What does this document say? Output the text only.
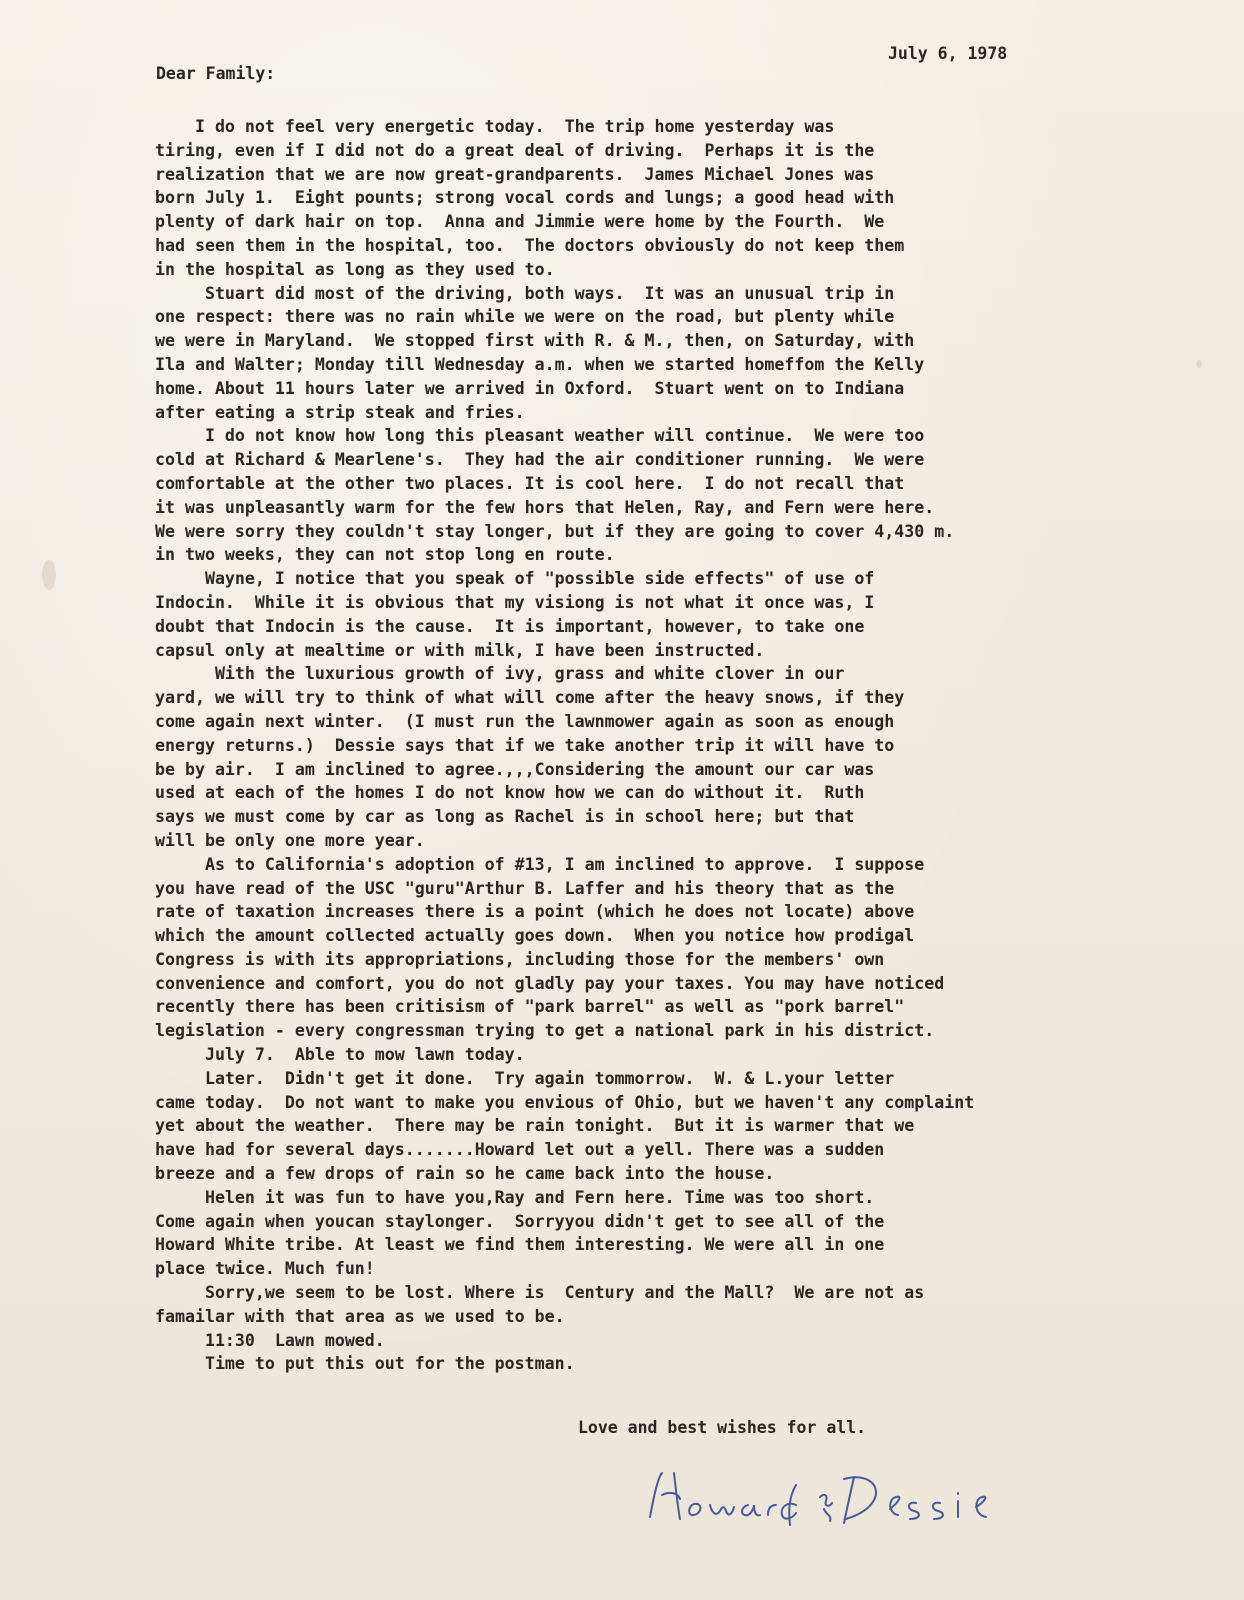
July 6, 1978
Dear Family:
I do not feel very energetic today.  The trip home yesterday was
tiring, even if I did not do a great deal of driving.  Perhaps it is the
realization that we are now great-grandparents.  James Michael Jones was
born July 1.  Eight pounts; strong vocal cords and lungs; a good head with
plenty of dark hair on top.  Anna and Jimmie were home by the Fourth.  We
had seen them in the hospital, too.  The doctors obviously do not keep them
in the hospital as long as they used to.
Stuart did most of the driving, both ways.  It was an unusual trip in
one respect: there was no rain while we were on the road, but plenty while
we were in Maryland.  We stopped first with R. & M., then, on Saturday, with
Ila and Walter; Monday till Wednesday a.m. when we started homeffom the Kelly
home. About 11 hours later we arrived in Oxford.  Stuart went on to Indiana
after eating a strip steak and fries.
I do not know how long this pleasant weather will continue.  We were too
cold at Richard & Mearlene's.  They had the air conditioner running.  We were
comfortable at the other two places. It is cool here.  I do not recall that
it was unpleasantly warm for the few hors that Helen, Ray, and Fern were here.
We were sorry they couldn't stay longer, but if they are going to cover 4,430 m.
in two weeks, they can not stop long en route.
Wayne, I notice that you speak of "possible side effects" of use of
Indocin.  While it is obvious that my visiong is not what it once was, I
doubt that Indocin is the cause.  It is important, however, to take one
capsul only at mealtime or with milk, I have been instructed.
With the luxurious growth of ivy, grass and white clover in our
yard, we will try to think of what will come after the heavy snows, if they
come again next winter.  (I must run the lawnmower again as soon as enough
energy returns.)  Dessie says that if we take another trip it will have to
be by air.  I am inclined to agree.,,,Considering the amount our car was
used at each of the homes I do not know how we can do without it.  Ruth
says we must come by car as long as Rachel is in school here; but that
will be only one more year.
As to California's adoption of #13, I am inclined to approve.  I suppose
you have read of the USC "guru"Arthur B. Laffer and his theory that as the
rate of taxation increases there is a point (which he does not locate) above
which the amount collected actually goes down.  When you notice how prodigal
Congress is with its appropriations, including those for the members' own
convenience and comfort, you do not gladly pay your taxes. You may have noticed
recently there has been critisism of "park barrel" as well as "pork barrel"
legislation - every congressman trying to get a national park in his district.
July 7.  Able to mow lawn today.
Later.  Didn't get it done.  Try again tommorrow.  W. & L.your letter
came today.  Do not want to make you envious of Ohio, but we haven't any complaint
yet about the weather.  There may be rain tonight.  But it is warmer that we
have had for several days.......Howard let out a yell. There was a sudden
breeze and a few drops of rain so he came back into the house.
Helen it was fun to have you,Ray and Fern here. Time was too short.
Come again when youcan staylonger.  Sorryyou didn't get to see all of the
Howard White tribe. At least we find them interesting. We were all in one
place twice. Much fun!
Sorry,we seem to be lost. Where is  Century and the Mall?  We are not as
famailar with that area as we used to be.
11:30  Lawn mowed.
Time to put this out for the postman.
Love and best wishes for all.
